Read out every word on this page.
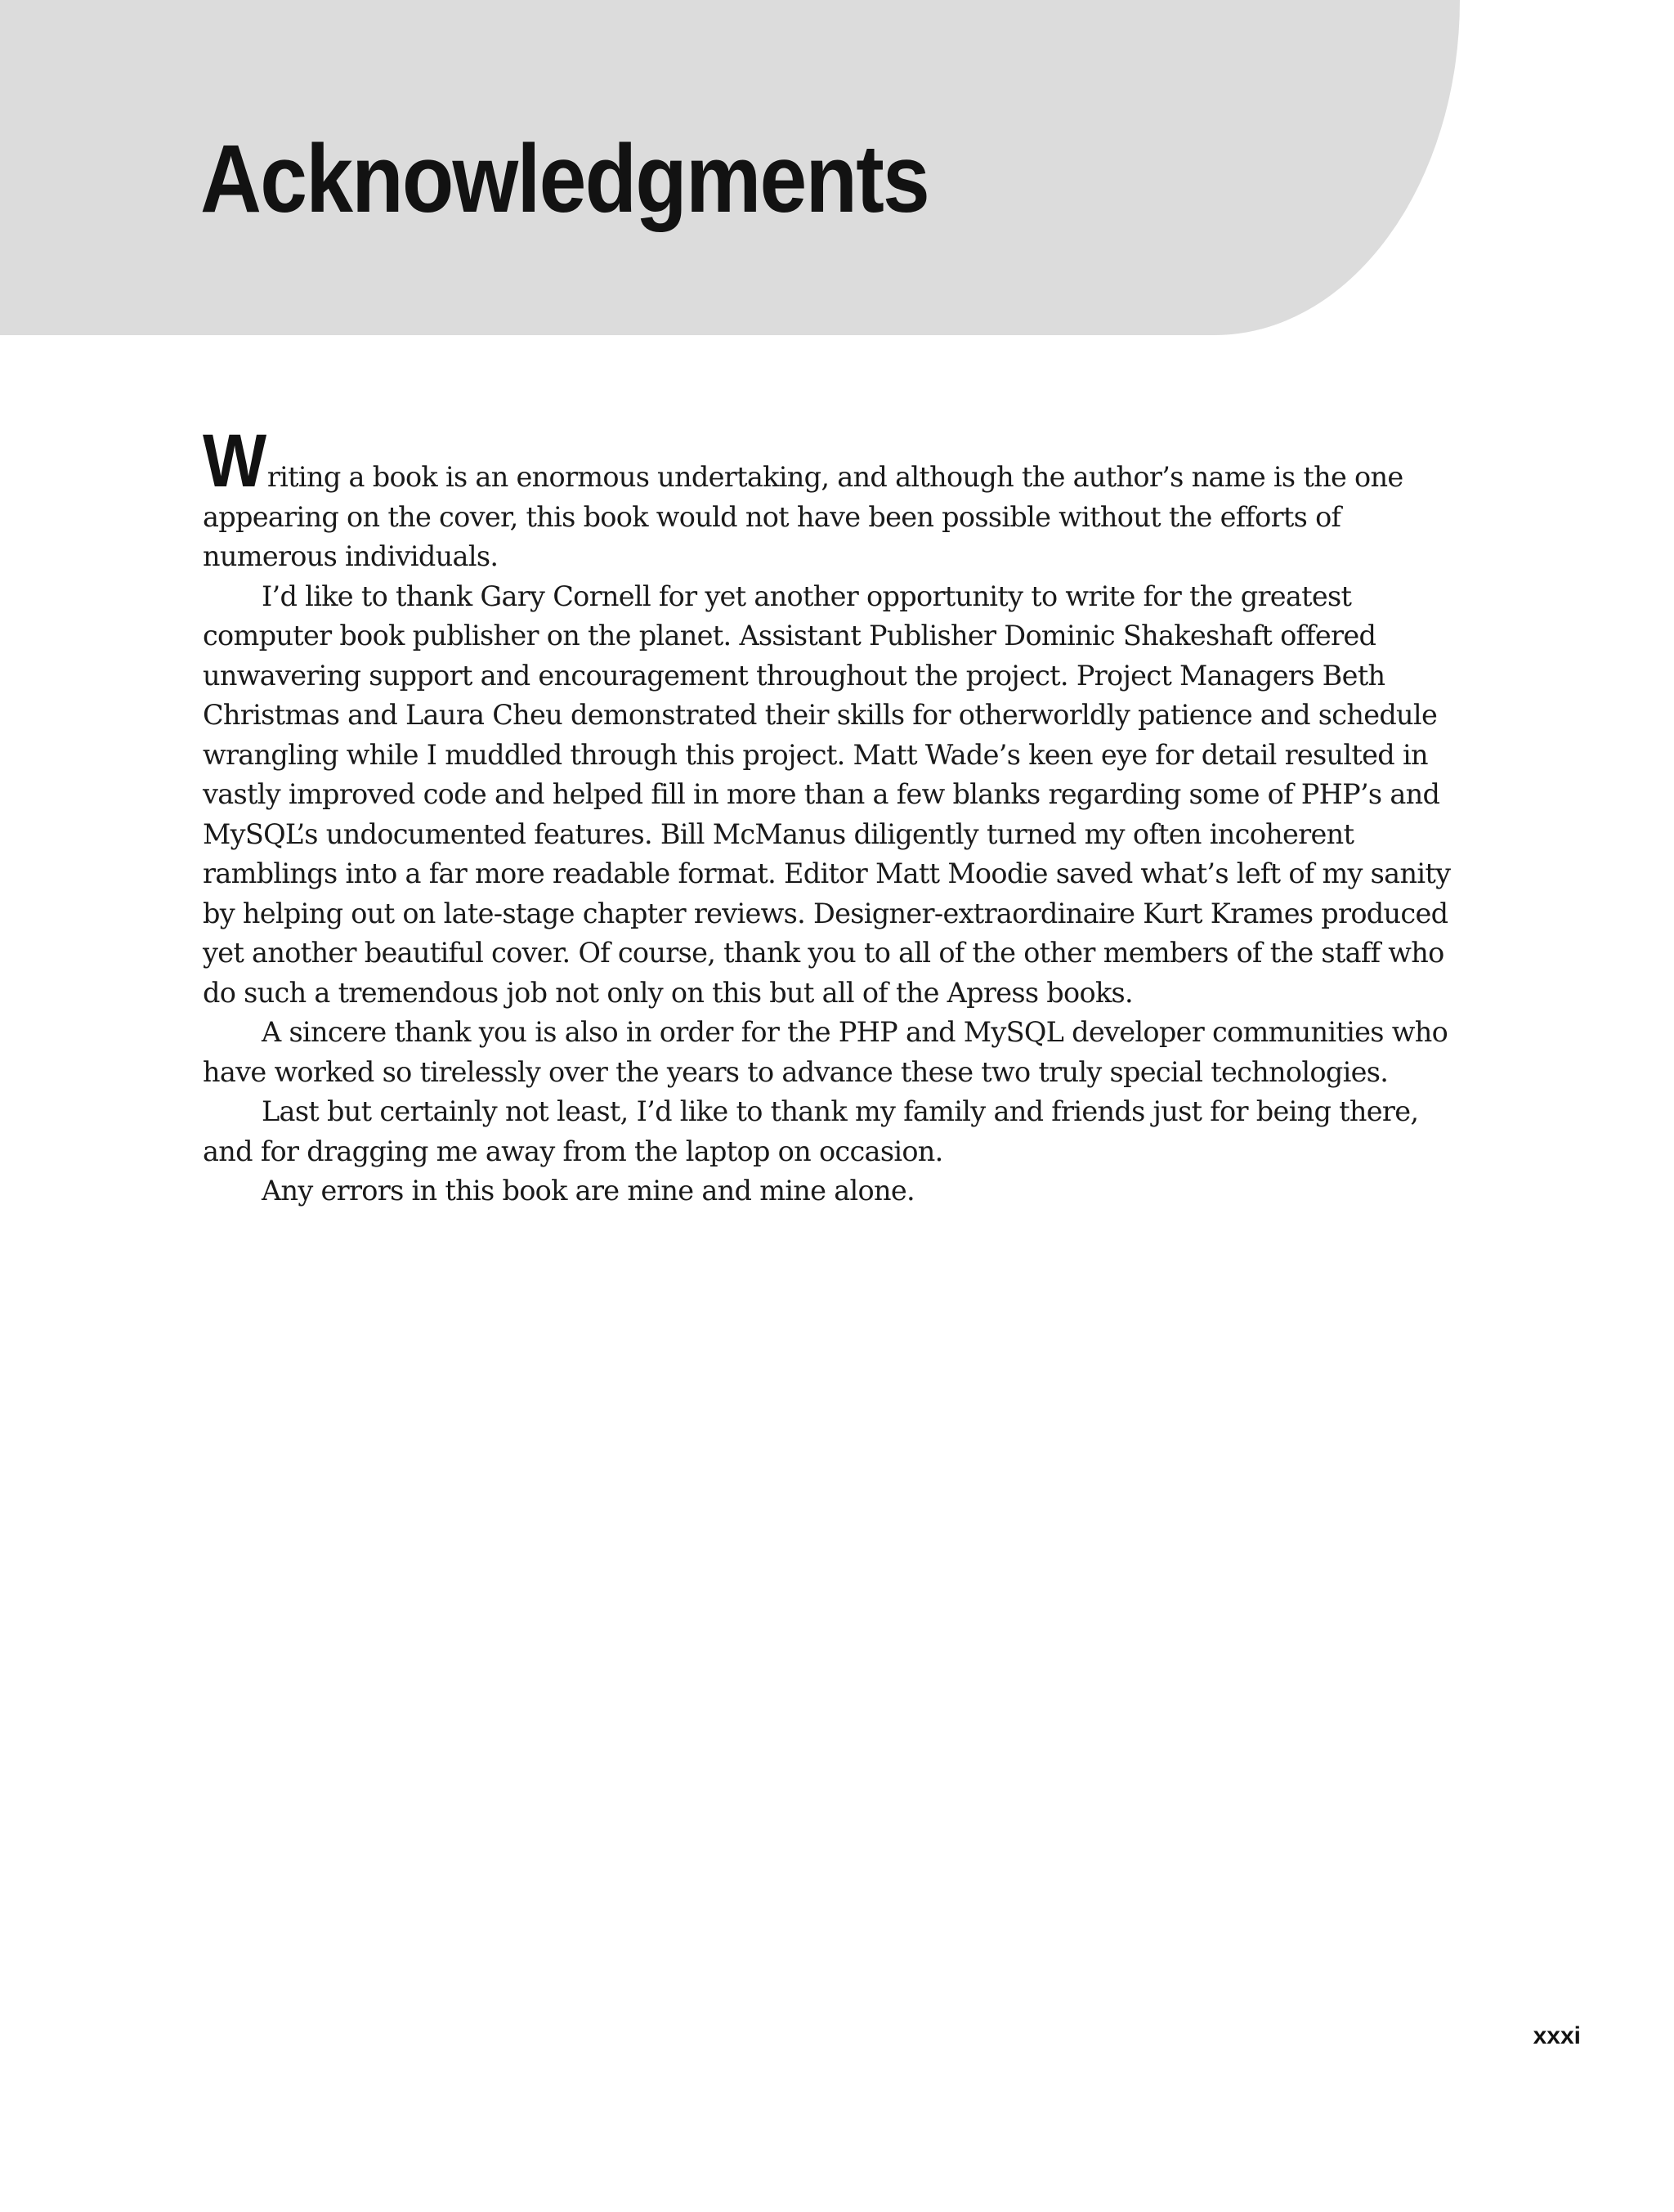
Acknowledgments

Writing a book is an enormous undertaking, and although the author’s name is the one appearing on the cover, this book would not have been possible without the efforts of numerous individuals.

I’d like to thank Gary Cornell for yet another opportunity to write for the greatest computer book publisher on the planet. Assistant Publisher Dominic Shakeshaft offered unwavering support and encouragement throughout the project. Project Managers Beth Christmas and Laura Cheu demonstrated their skills for otherworldly patience and schedule wrangling while I muddled through this project. Matt Wade’s keen eye for detail resulted in vastly improved code and helped fill in more than a few blanks regarding some of PHP’s and MySQL’s undocumented features. Bill McManus diligently turned my often incoherent ramblings into a far more readable format. Editor Matt Moodie saved what’s left of my sanity by helping out on late-stage chapter reviews. Designer-extraordinaire Kurt Krames produced yet another beautiful cover. Of course, thank you to all of the other members of the staff who do such a tremendous job not only on this but all of the Apress books.

A sincere thank you is also in order for the PHP and MySQL developer communities who have worked so tirelessly over the years to advance these two truly special technologies.

Last but certainly not least, I’d like to thank my family and friends just for being there, and for dragging me away from the laptop on occasion.

Any errors in this book are mine and mine alone.

xxxi
